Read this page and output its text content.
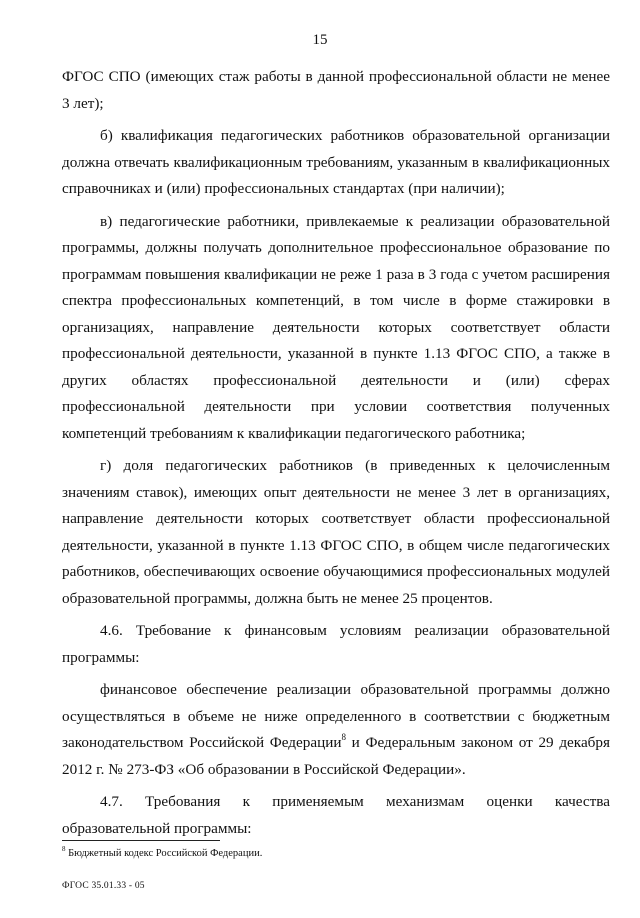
15

ФГОС СПО (имеющих стаж работы в данной профессиональной области не менее 3 лет);

б) квалификация педагогических работников образовательной организации должна отвечать квалификационным требованиям, указанным в квалификационных справочниках и (или) профессиональных стандартах (при наличии);

в) педагогические работники, привлекаемые к реализации образовательной программы, должны получать дополнительное профессиональное образование по программам повышения квалификации не реже 1 раза в 3 года с учетом расширения спектра профессиональных компетенций, в том числе в форме стажировки в организациях, направление деятельности которых соответствует области профессиональной деятельности, указанной в пункте 1.13 ФГОС СПО, а также в других областях профессиональной деятельности и (или) сферах профессиональной деятельности при условии соответствия полученных компетенций требованиям к квалификации педагогического работника;

г) доля педагогических работников (в приведенных к целочисленным значениям ставок), имеющих опыт деятельности не менее 3 лет в организациях, направление деятельности которых соответствует области профессиональной деятельности, указанной в пункте 1.13 ФГОС СПО, в общем числе педагогических работников, обеспечивающих освоение обучающимися профессиональных модулей образовательной программы, должна быть не менее 25 процентов.

4.6. Требование к финансовым условиям реализации образовательной программы:

финансовое обеспечение реализации образовательной программы должно осуществляться в объеме не ниже определенного в соответствии с бюджетным законодательством Российской Федерации$^8$ и Федеральным законом от 29 декабря 2012 г. № 273-ФЗ «Об образовании в Российской Федерации».

4.7. Требования к применяемым механизмам оценки качества образовательной программы:

$^8$ Бюджетный кодекс Российской Федерации.
ФГОС 35.01.33 - 05
